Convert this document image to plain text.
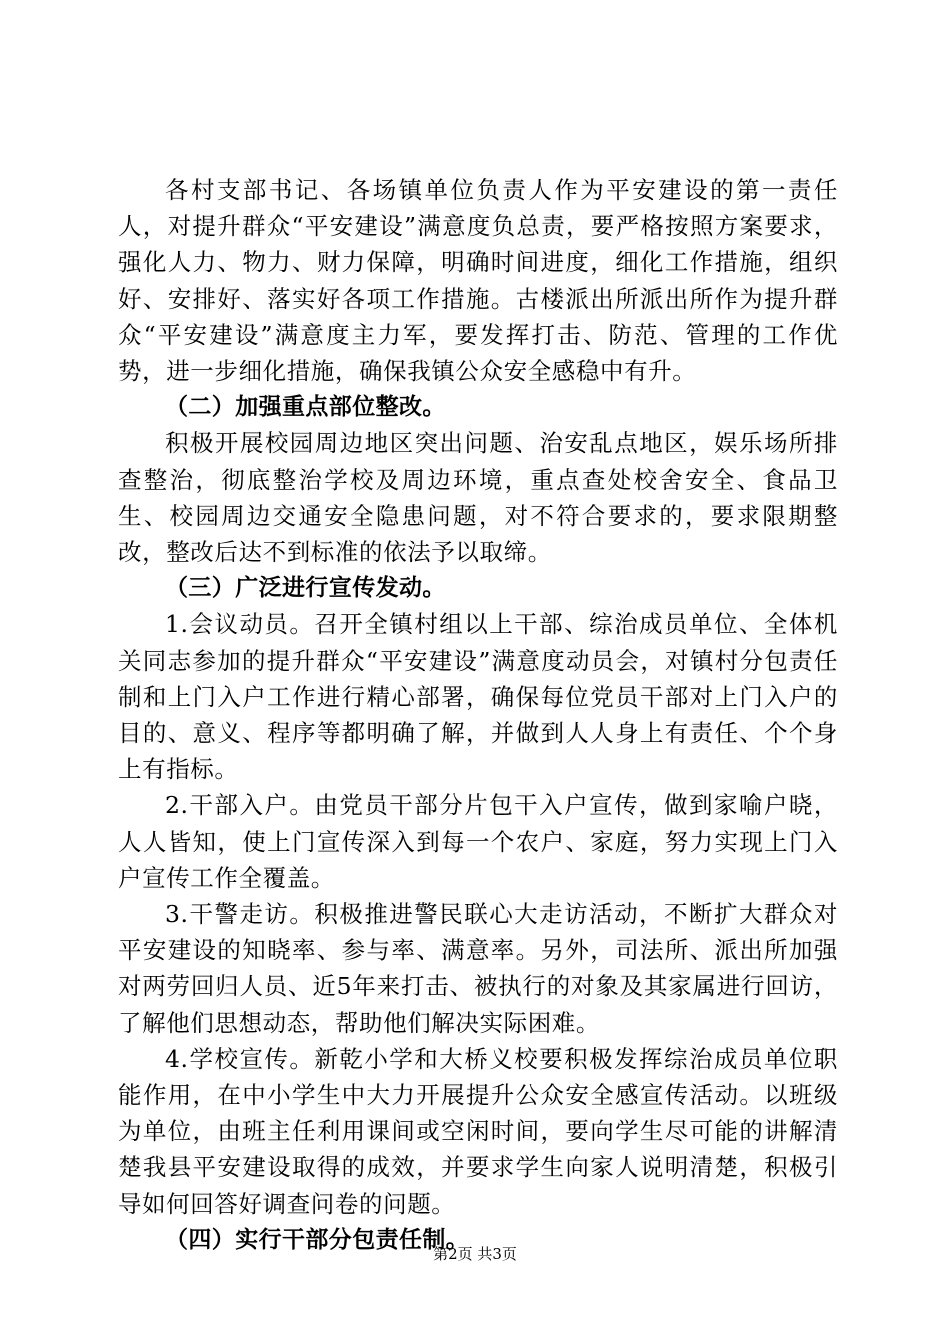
各村支部书记、各场镇单位负责人作为平安建设的第一责任人，对提升群众“平安建设”满意度负总责，要严格按照方案要求，强化人力、物力、财力保障，明确时间进度，细化工作措施，组织好、安排好、落实好各项工作措施。古楼派出所派出所作为提升群众“平安建设”满意度主力军，要发挥打击、防范、管理的工作优势，进一步细化措施，确保我镇公众安全感稳中有升。

（二）加强重点部位整改。

积极开展校园周边地区突出问题、治安乱点地区，娱乐场所排查整治，彻底整治学校及周边环境，重点查处校舍安全、食品卫生、校园周边交通安全隐患问题，对不符合要求的，要求限期整改，整改后达不到标准的依法予以取缔。

（三）广泛进行宣传发动。

1.会议动员。召开全镇村组以上干部、综治成员单位、全体机关同志参加的提升群众“平安建设”满意度动员会，对镇村分包责任制和上门入户工作进行精心部署，确保每位党员干部对上门入户的目的、意义、程序等都明确了解，并做到人人身上有责任、个个身上有指标。

2.干部入户。由党员干部分片包干入户宣传，做到家喻户晓，人人皆知，使上门宣传深入到每一个农户、家庭，努力实现上门入户宣传工作全覆盖。

3.干警走访。积极推进警民联心大走访活动，不断扩大群众对平安建设的知晓率、参与率、满意率。另外，司法所、派出所加强对两劳回归人员、近5年来打击、被执行的对象及其家属进行回访，了解他们思想动态，帮助他们解决实际困难。

4.学校宣传。新乾小学和大桥义校要积极发挥综治成员单位职能作用，在中小学生中大力开展提升公众安全感宣传活动。以班级为单位，由班主任利用课间或空闲时间，要向学生尽可能的讲解清楚我县平安建设取得的成效，并要求学生向家人说明清楚，积极引导如何回答好调查问卷的问题。

（四）实行干部分包责任制。

第2页 共3页
